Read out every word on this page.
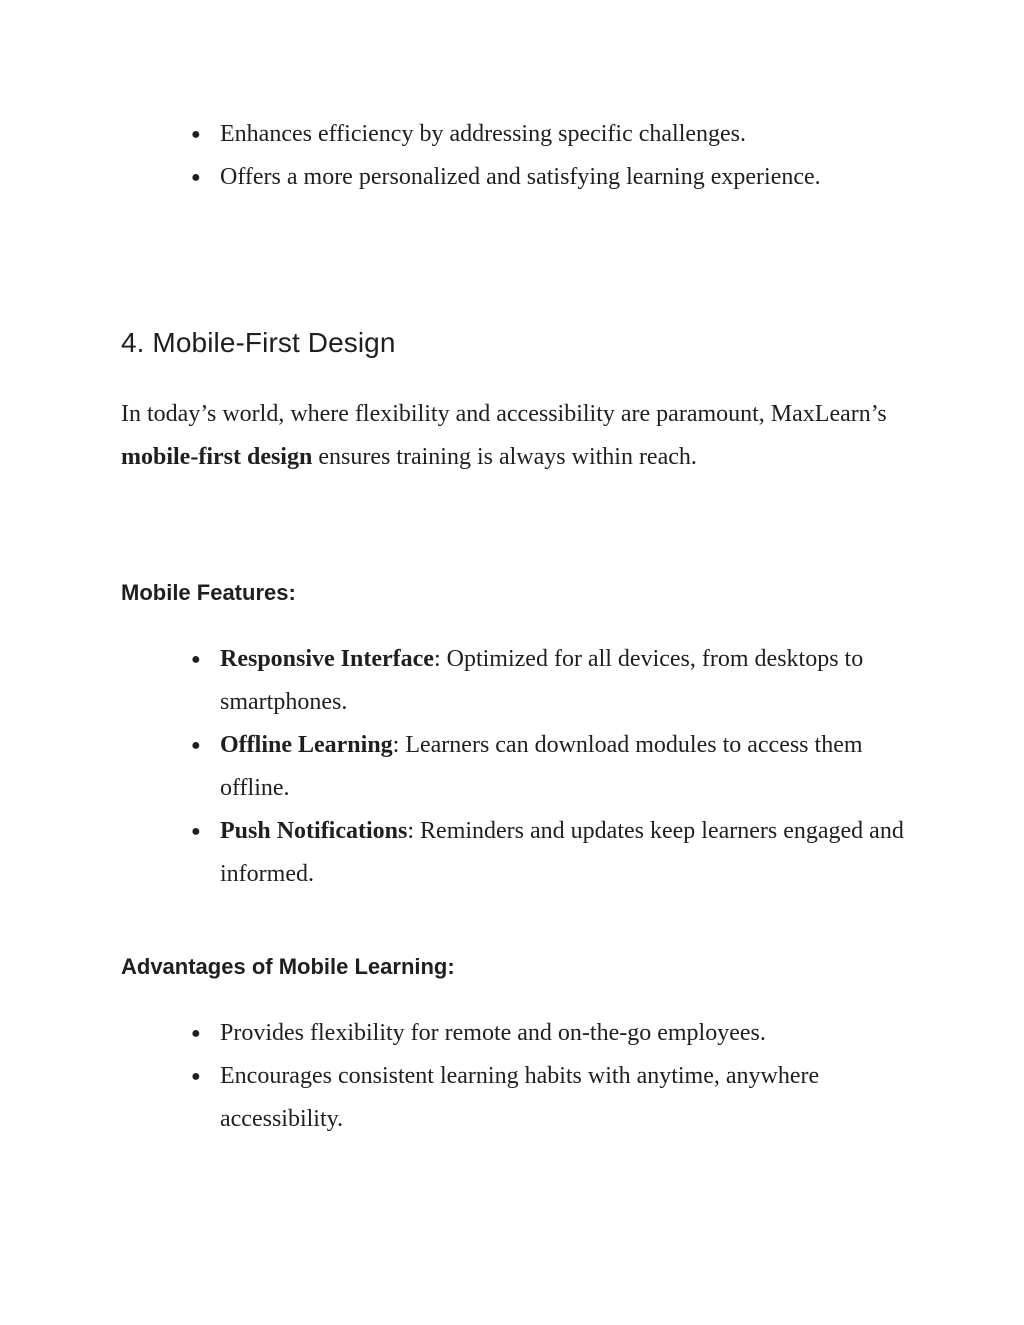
● Enhances efficiency by addressing specific challenges.
● Offers a more personalized and satisfying learning experience.
4. Mobile-First Design

In today’s world, where flexibility and accessibility are paramount, MaxLearn’s mobile-first design ensures training is always within reach.

Mobile Features:
● Responsive Interface: Optimized for all devices, from desktops to smartphones.
● Offline Learning: Learners can download modules to access them offline.
● Push Notifications: Reminders and updates keep learners engaged and informed.
Advantages of Mobile Learning:
● Provides flexibility for remote and on-the-go employees.
● Encourages consistent learning habits with anytime, anywhere accessibility.
